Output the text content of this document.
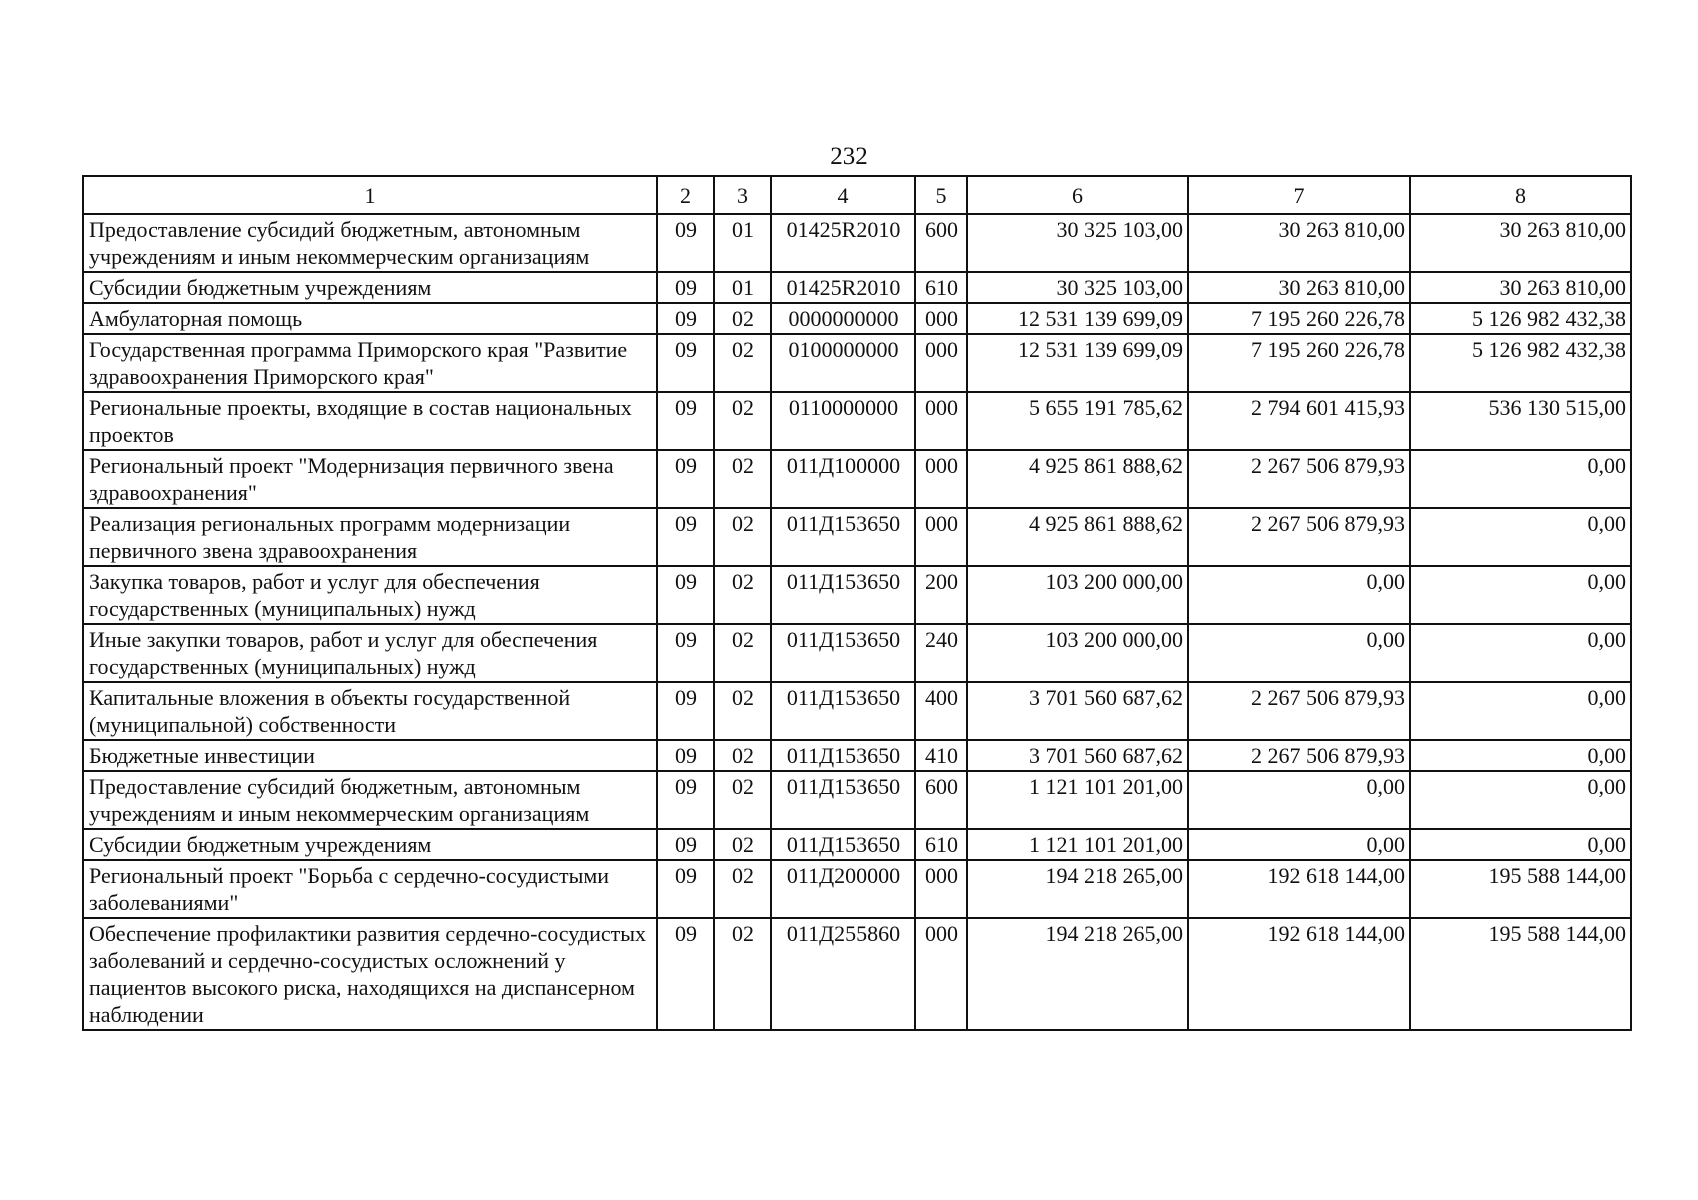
232
1	2	3	4	5	6	7	8
Предоставление субсидий бюджетным, автономным учреждениям и иным некоммерческим организациям	09	01	01425R2010	600	30 325 103,00	30 263 810,00	30 263 810,00
Субсидии бюджетным учреждениям	09	01	01425R2010	610	30 325 103,00	30 263 810,00	30 263 810,00
Амбулаторная помощь	09	02	0000000000	000	12 531 139 699,09	7 195 260 226,78	5 126 982 432,38
Государственная программа Приморского края "Развитие здравоохранения Приморского края"	09	02	0100000000	000	12 531 139 699,09	7 195 260 226,78	5 126 982 432,38
Региональные проекты, входящие в состав национальных проектов	09	02	0110000000	000	5 655 191 785,62	2 794 601 415,93	536 130 515,00
Региональный проект "Модернизация первичного звена здравоохранения"	09	02	011Д100000	000	4 925 861 888,62	2 267 506 879,93	0,00
Реализация региональных программ модернизации первичного звена здравоохранения	09	02	011Д153650	000	4 925 861 888,62	2 267 506 879,93	0,00
Закупка товаров, работ и услуг для обеспечения государственных (муниципальных) нужд	09	02	011Д153650	200	103 200 000,00	0,00	0,00
Иные закупки товаров, работ и услуг для обеспечения государственных (муниципальных) нужд	09	02	011Д153650	240	103 200 000,00	0,00	0,00
Капитальные вложения в объекты государственной (муниципальной) собственности	09	02	011Д153650	400	3 701 560 687,62	2 267 506 879,93	0,00
Бюджетные инвестиции	09	02	011Д153650	410	3 701 560 687,62	2 267 506 879,93	0,00
Предоставление субсидий бюджетным, автономным учреждениям и иным некоммерческим организациям	09	02	011Д153650	600	1 121 101 201,00	0,00	0,00
Субсидии бюджетным учреждениям	09	02	011Д153650	610	1 121 101 201,00	0,00	0,00
Региональный проект "Борьба с сердечно-сосудистыми заболеваниями"	09	02	011Д200000	000	194 218 265,00	192 618 144,00	195 588 144,00
Обеспечение профилактики развития сердечно-сосудистых заболеваний и сердечно-сосудистых осложнений у пациентов высокого риска, находящихся на диспансерном наблюдении	09	02	011Д255860	000	194 218 265,00	192 618 144,00	195 588 144,00
